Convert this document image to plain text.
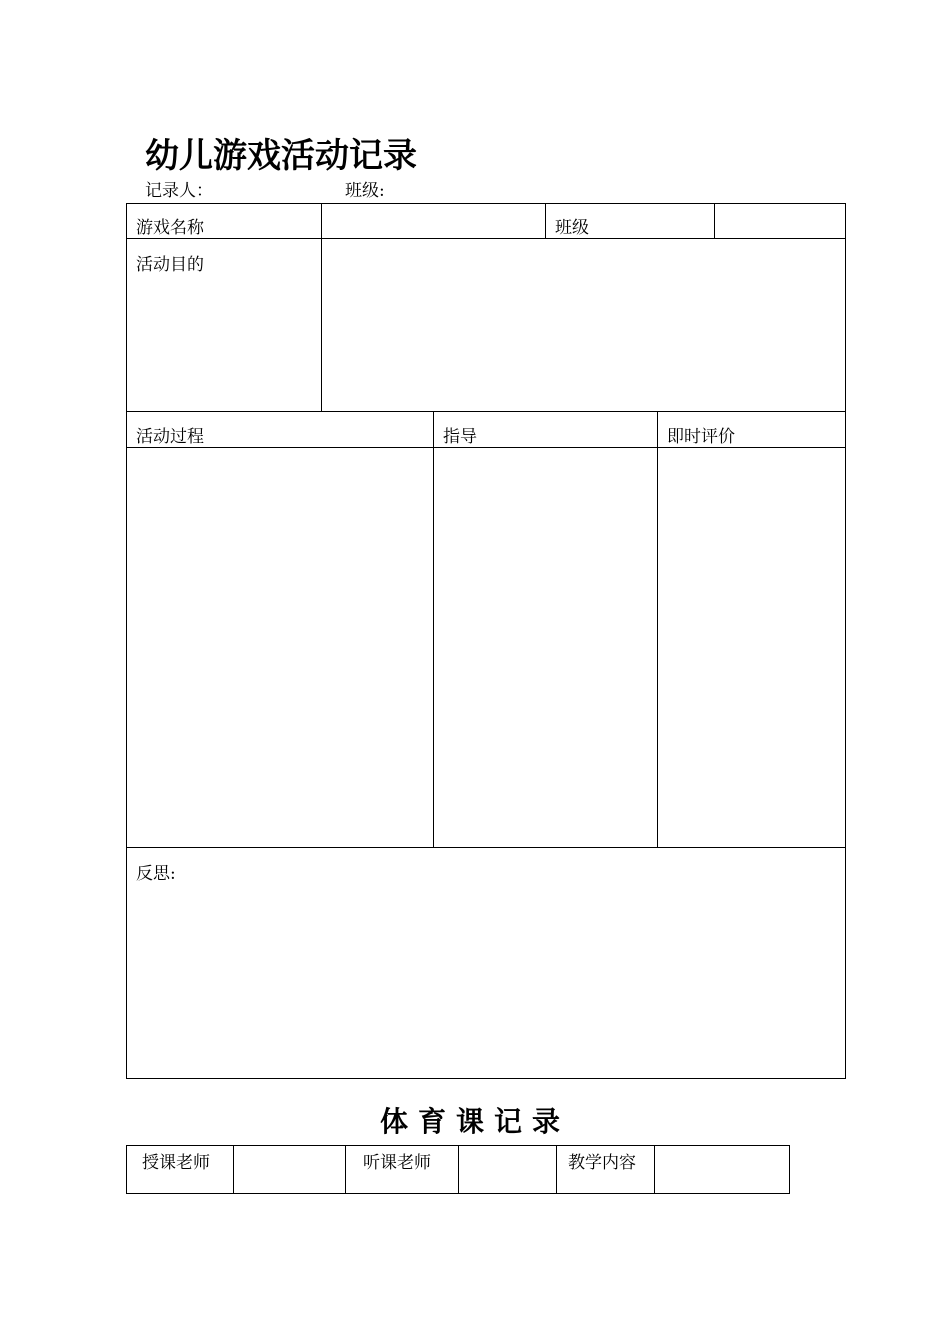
幼儿游戏活动记录
记录人：	班级:
游戏名称	班级
活动目的
活动过程	指导	即时评价
反思:
体育课记录
授课老师	听课老师	教学内容
